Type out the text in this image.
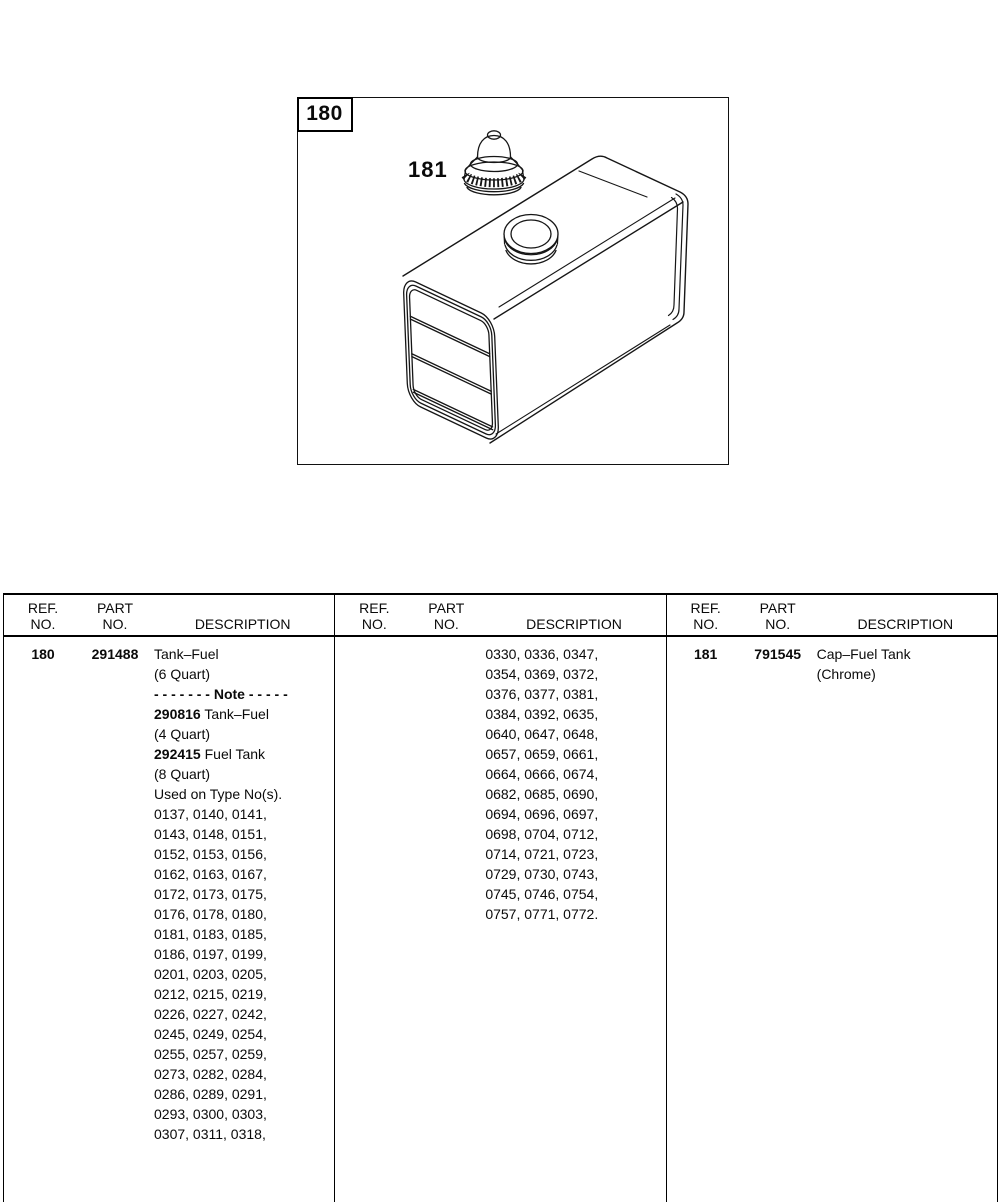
180
181
REF.
NO.
PART
NO.	DESCRIPTION
180	291488	Tank–Fuel
(6 Quart)
- - - - - - - Note - - - - -
290816 Tank–Fuel
(4 Quart)
292415 Fuel Tank
(8 Quart)
Used on Type No(s).
0137, 0140, 0141,
0143, 0148, 0151,
0152, 0153, 0156,
0162, 0163, 0167,
0172, 0173, 0175,
0176, 0178, 0180,
0181, 0183, 0185,
0186, 0197, 0199,
0201, 0203, 0205,
0212, 0215, 0219,
0226, 0227, 0242,
0245, 0249, 0254,
0255, 0257, 0259,
0273, 0282, 0284,
0286, 0289, 0291,
0293, 0300, 0303,
0307, 0311, 0318,
REF.
NO.
PART
NO.	DESCRIPTION
0330, 0336, 0347,
0354, 0369, 0372,
0376, 0377, 0381,
0384, 0392, 0635,
0640, 0647, 0648,
0657, 0659, 0661,
0664, 0666, 0674,
0682, 0685, 0690,
0694, 0696, 0697,
0698, 0704, 0712,
0714, 0721, 0723,
0729, 0730, 0743,
0745, 0746, 0754,
0757, 0771, 0772.
REF.
NO.
PART
NO.	DESCRIPTION
181	791545	Cap–Fuel Tank
(Chrome)
